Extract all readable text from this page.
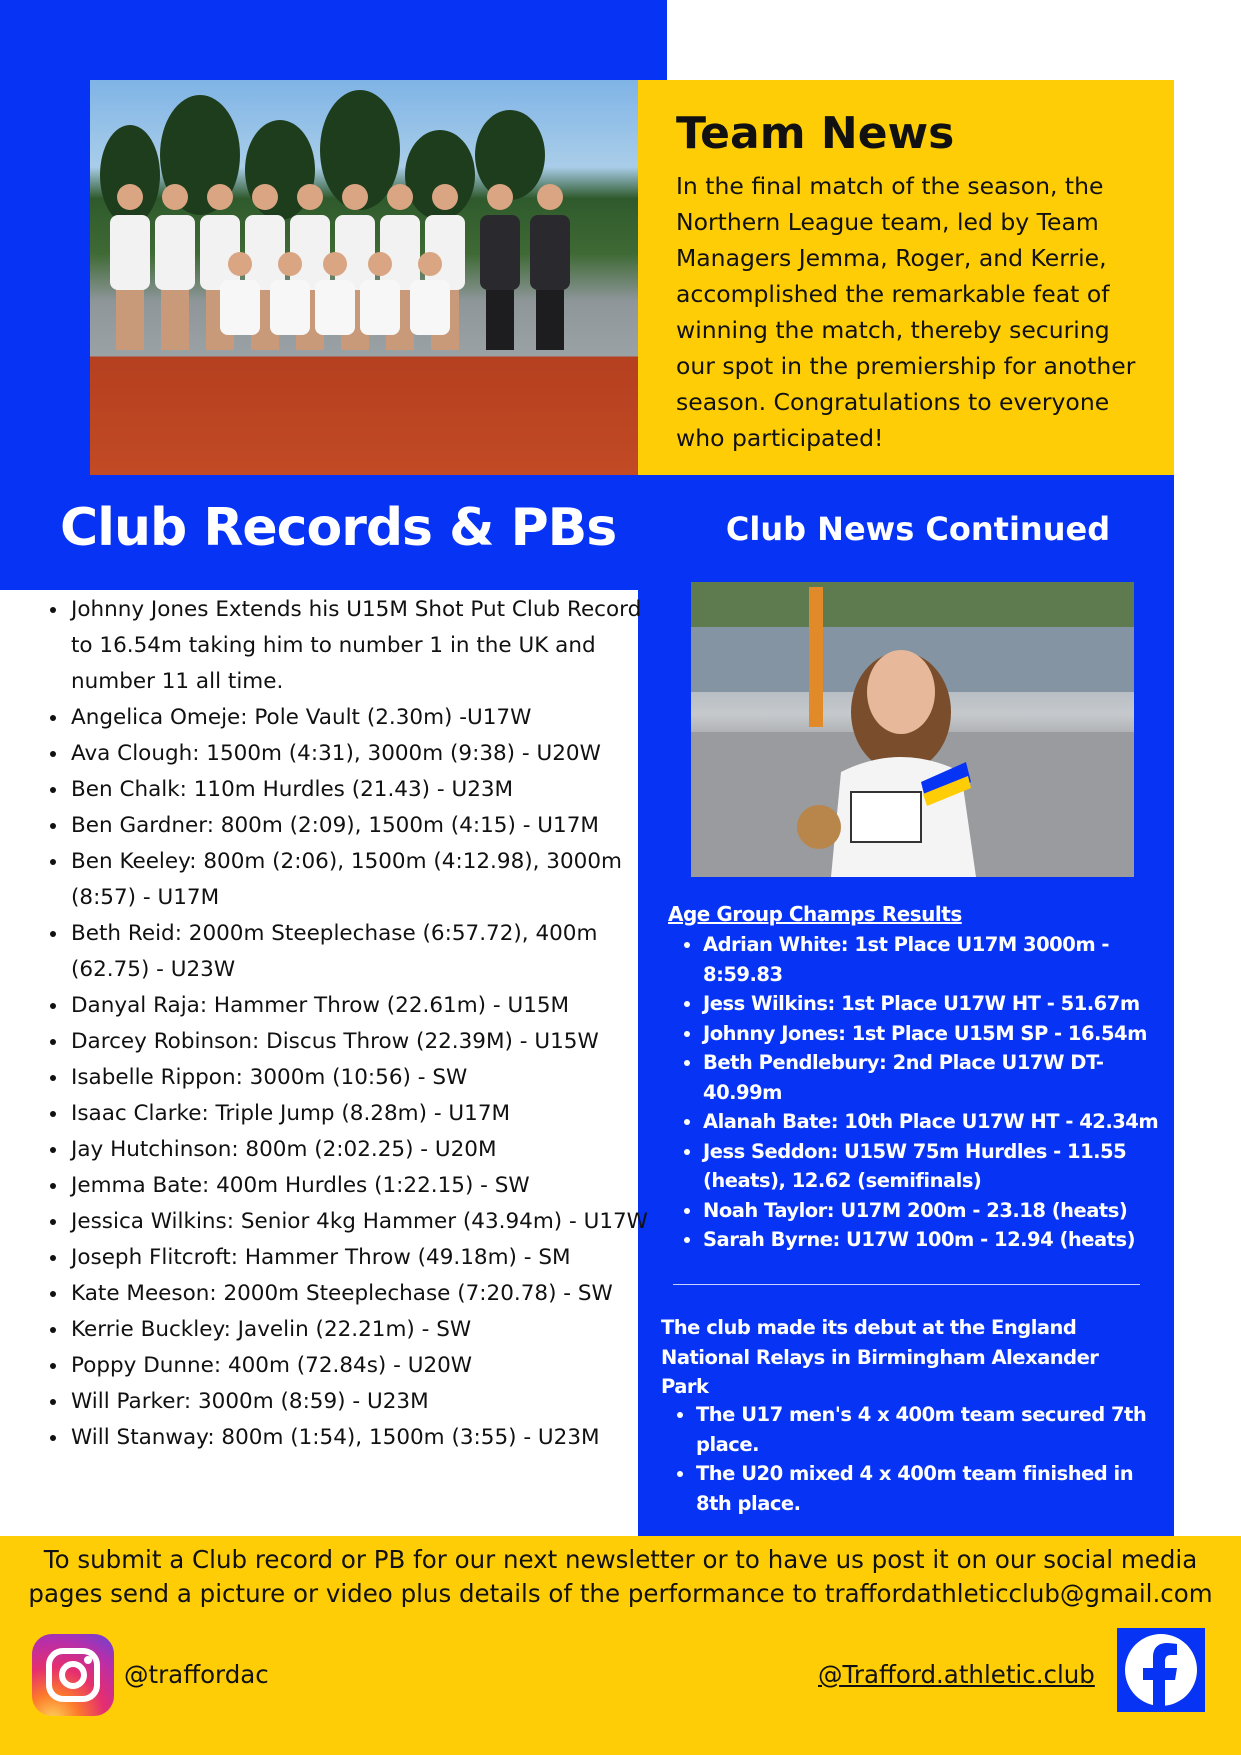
Team News
In the final match of the season, the Northern League team, led by Team Managers Jemma, Roger, and Kerrie, accomplished the remarkable feat of winning the match, thereby securing our spot in the premiership for another season. Congratulations to everyone who participated!
Club Records & PBs
• Johnny Jones Extends his U15M Shot Put Club Record to 16.54m taking him to number 1 in the UK and number 11 all time.
• Angelica Omeje: Pole Vault (2.30m) -U17W
• Ava Clough: 1500m (4:31), 3000m (9:38) - U20W
• Ben Chalk: 110m Hurdles (21.43) - U23M
• Ben Gardner: 800m (2:09), 1500m (4:15) - U17M
• Ben Keeley: 800m (2:06), 1500m (4:12.98), 3000m (8:57) - U17M
• Beth Reid: 2000m Steeplechase (6:57.72), 400m (62.75) - U23W
• Danyal Raja: Hammer Throw (22.61m) - U15M
• Darcey Robinson: Discus Throw (22.39M) - U15W
• Isabelle Rippon: 3000m (10:56) - SW
• Isaac Clarke: Triple Jump (8.28m) - U17M
• Jay Hutchinson: 800m (2:02.25) - U20M
• Jemma Bate: 400m Hurdles (1:22.15) - SW
• Jessica Wilkins: Senior 4kg Hammer (43.94m) - U17W
• Joseph Flitcroft: Hammer Throw (49.18m) - SM
• Kate Meeson: 2000m Steeplechase (7:20.78) - SW
• Kerrie Buckley: Javelin (22.21m) - SW
• Poppy Dunne: 400m (72.84s) - U20W
• Will Parker: 3000m (8:59) - U23M
• Will Stanway: 800m (1:54), 1500m (3:55) - U23M
Club News Continued
Age Group Champs Results
• Adrian White: 1st Place U17M 3000m - 8:59.83
• Jess Wilkins: 1st Place U17W HT - 51.67m
• Johnny Jones: 1st Place U15M SP - 16.54m
• Beth Pendlebury: 2nd Place U17W DT- 40.99m
• Alanah Bate: 10th Place U17W HT - 42.34m
• Jess Seddon: U15W 75m Hurdles - 11.55 (heats), 12.62 (semifinals)
• Noah Taylor: U17M 200m - 23.18 (heats)
• Sarah Byrne: U17W 100m - 12.94 (heats)
The club made its debut at the England National Relays in Birmingham Alexander Park
• The U17 men's 4 x 400m team secured 7th place.
• The U20 mixed 4 x 400m team finished in 8th place.
To submit a Club record or PB for our next newsletter or to have us post it on our social media pages send a picture or video plus details of the performance to traffordathleticclub@gmail.com
@traffordac	@Trafford.athletic.club
